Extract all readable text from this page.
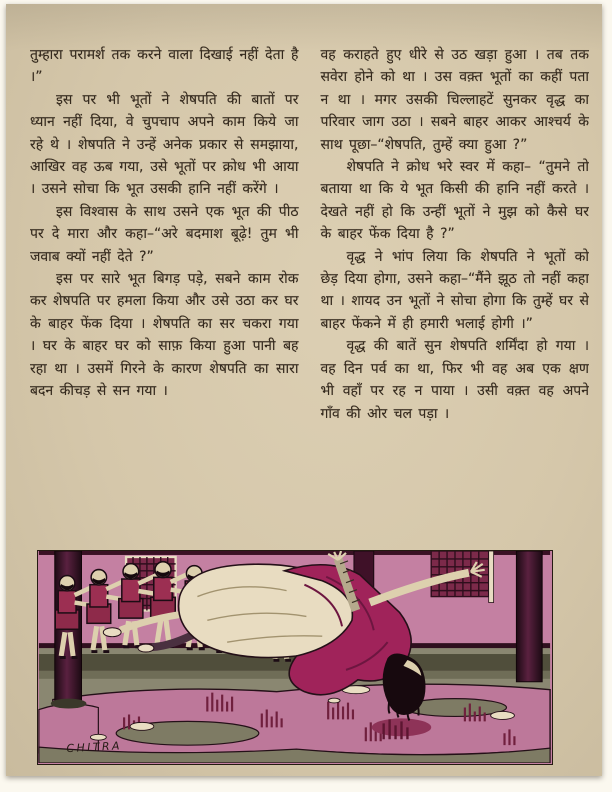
तुम्हारा परामर्श तक करने वाला दिखाई नहीं देता है ।”

इस पर भी भूतों ने शेषपति की बातों पर ध्यान नहीं दिया, वे चुपचाप अपने काम किये जा रहे थे । शेषपति ने उन्हें अनेक प्रकार से समझाया, आखिर वह ऊब गया, उसे भूतों पर क्रोध भी आया । उसने सोचा कि भूत उसकी हानि नहीं करेंगे ।

इस विश्वास के साथ उसने एक भूत की पीठ पर दे मारा और कहा–“अरे बदमाश बूढ़े! तुम भी जवाब क्यों नहीं देते ?”

इस पर सारे भूत बिगड़ पड़े, सबने काम रोक कर शेषपति पर हमला किया और उसे उठा कर घर के बाहर फेंक दिया । शेषपति का सर चकरा गया । घर के बाहर घर को साफ़ किया हुआ पानी बह रहा था । उसमें गिरने के कारण शेषपति का सारा बदन कीचड़ से सन गया ।

वह कराहते हुए धीरे से उठ खड़ा हुआ । तब तक सवेरा होने को था । उस वक़्त भूतों का कहीं पता न था । मगर उसकी चिल्लाहटें सुनकर वृद्ध का परिवार जाग उठा । सबने बाहर आकर आश्चर्य के साथ पूछा–“शेषपति, तुम्हें क्या हुआ ?”

शेषपति ने क्रोध भरे स्वर में कहा– “तुमने तो बताया था कि ये भूत किसी की हानि नहीं करते । देखते नहीं हो कि उन्हीं भूतों ने मुझ को कैसे घर के बाहर फेंक दिया है ?”

वृद्ध ने भांप लिया कि शेषपति ने भूतों को छेड़ दिया होगा, उसने कहा–“मैंने झूठ तो नहीं कहा था । शायद उन भूतों ने सोचा होगा कि तुम्हें घर से बाहर फेंकने में ही हमारी भलाई होगी ।”

वृद्ध की बातें सुन शेषपति शर्मिंदा हो गया । वह दिन पर्व का था, फिर भी वह अब एक क्षण भी वहाँ पर रह न पाया । उसी वक़्त वह अपने गाँव की ओर चल पड़ा ।

CHITRA
